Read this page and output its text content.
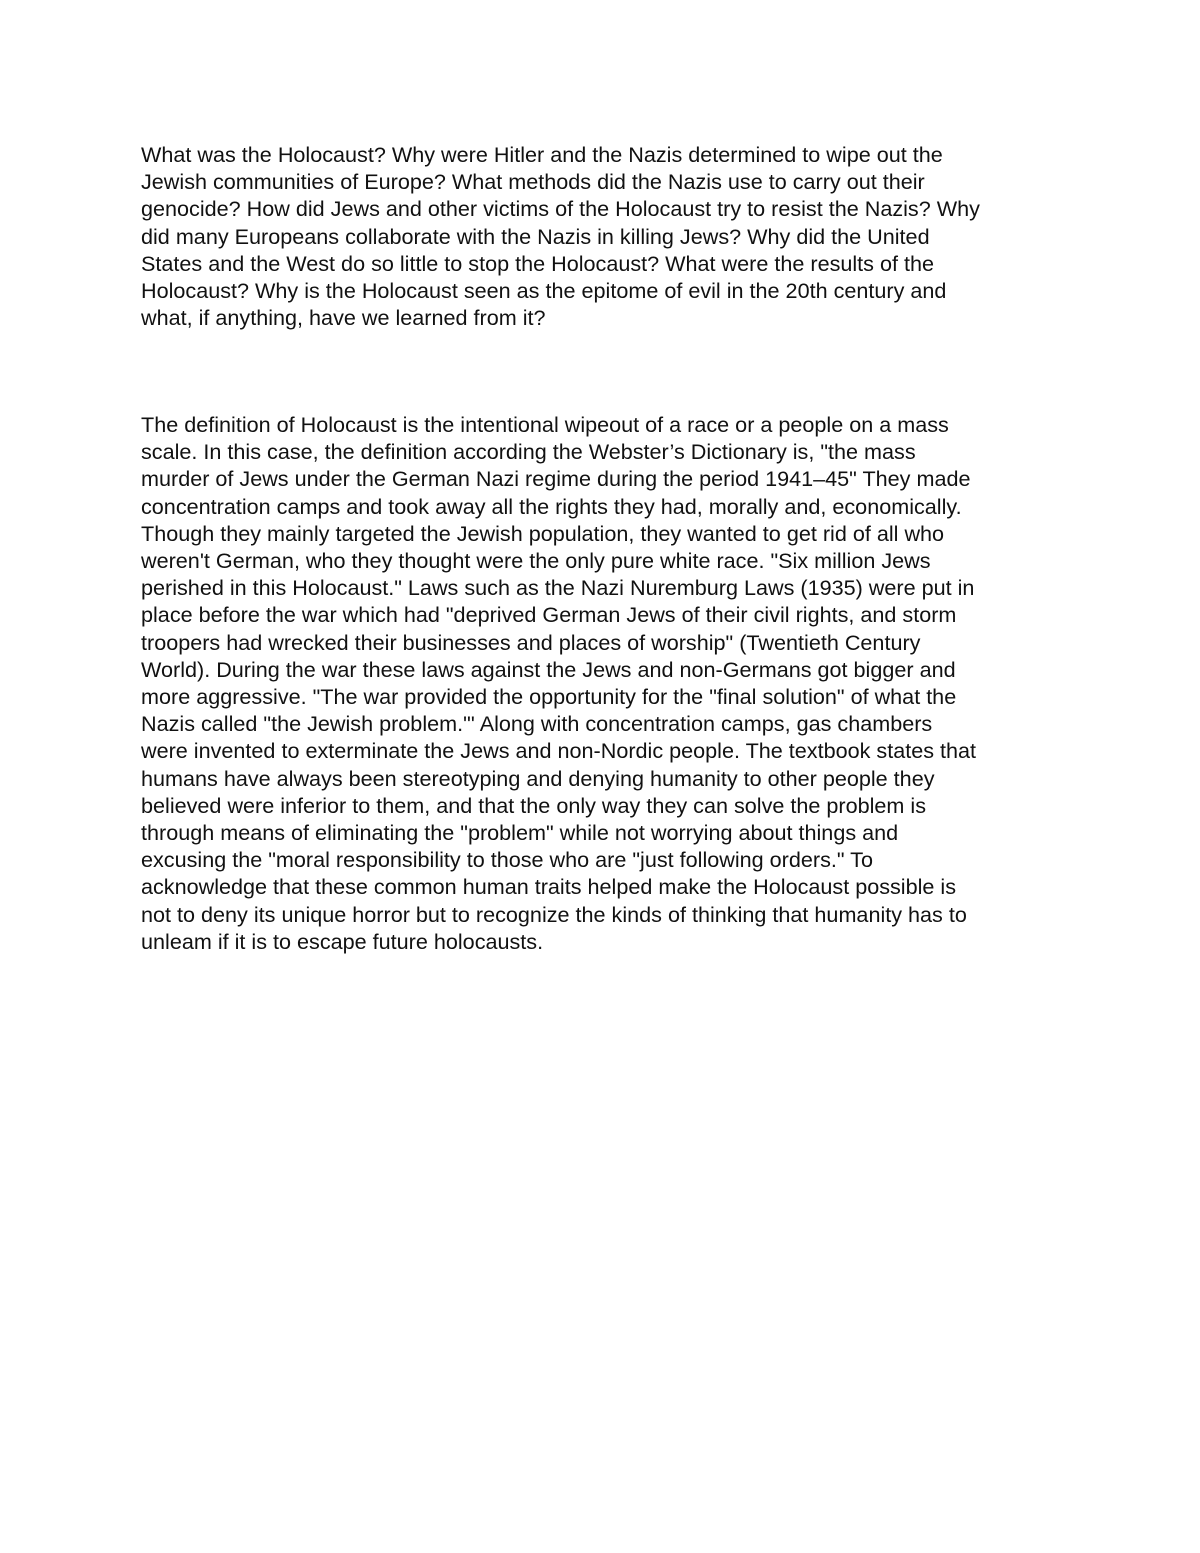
What was the Holocaust? Why were Hitler and the Nazis determined to wipe out the
Jewish communities of Europe? What methods did the Nazis use to carry out their
genocide? How did Jews and other victims of the Holocaust try to resist the Nazis? Why
did many Europeans collaborate with the Nazis in killing Jews? Why did the United
States and the West do so little to stop the Holocaust? What were the results of the
Holocaust? Why is the Holocaust seen as the epitome of evil in the 20th century and
what, if anything, have we learned from it?

The definition of Holocaust is the intentional wipeout of a race or a people on a mass
scale. In this case, the definition according the Webster’s Dictionary is, "the mass
murder of Jews under the German Nazi regime during the period 1941–45" They made
concentration camps and took away all the rights they had, morally and, economically.
Though they mainly targeted the Jewish population, they wanted to get rid of all who
weren't German, who they thought were the only pure white race. "Six million Jews
perished in this Holocaust." Laws such as the Nazi Nuremburg Laws (1935) were put in
place before the war which had "deprived German Jews of their civil rights, and storm
troopers had wrecked their businesses and places of worship" (Twentieth Century
World). During the war these laws against the Jews and non-Germans got bigger and
more aggressive. "The war provided the opportunity for the "final solution" of what the
Nazis called "the Jewish problem."' Along with concentration camps, gas chambers
were invented to exterminate the Jews and non-Nordic people. The textbook states that
humans have always been stereotyping and denying humanity to other people they
believed were inferior to them, and that the only way they can solve the problem is
through means of eliminating the "problem" while not worrying about things and
excusing the "moral responsibility to those who are "just following orders." To
acknowledge that these common human traits helped make the Holocaust possible is
not to deny its unique horror but to recognize the kinds of thinking that humanity has to
unleam if it is to escape future holocausts.
